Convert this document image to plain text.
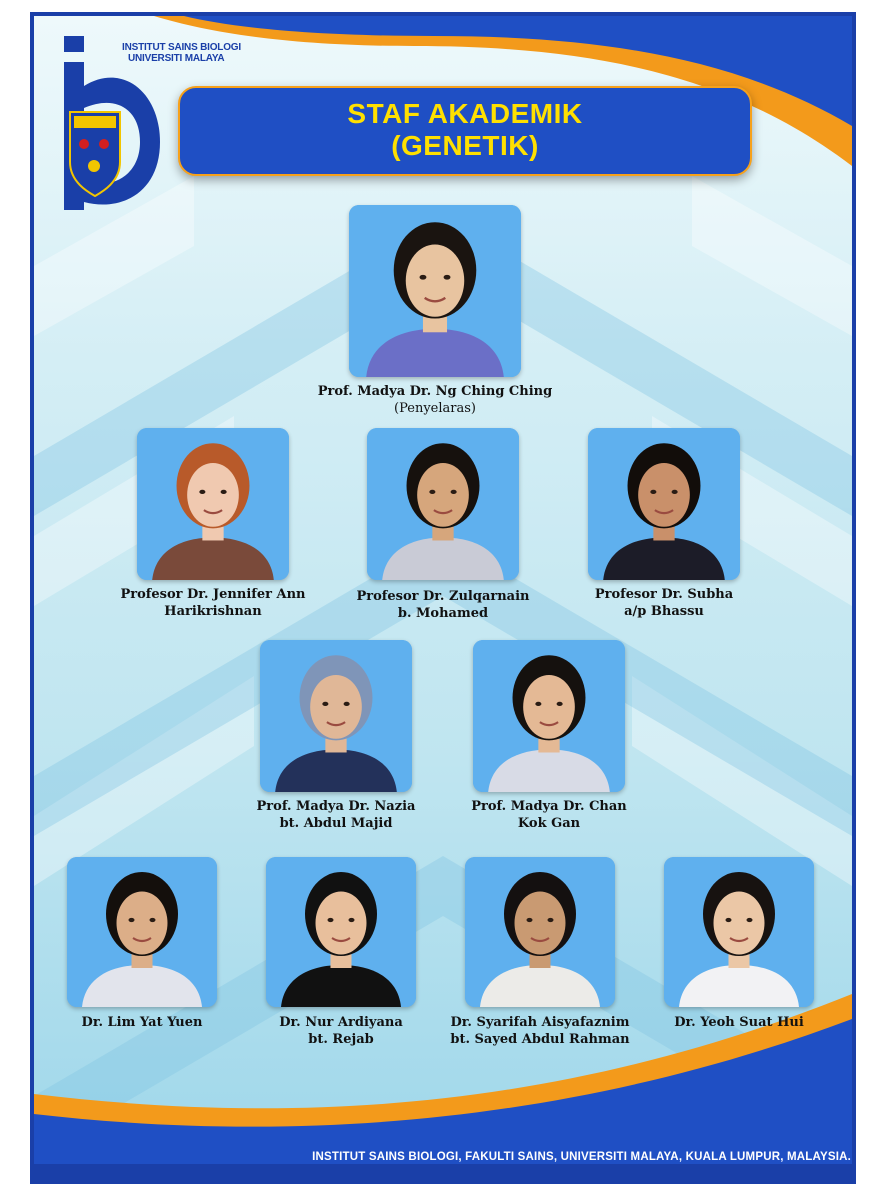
INSTITUT SAINS BIOLOGI
UNIVERSITI MALAYA
STAF AKADEMIK
(GENETIK)
Prof. Madya Dr. Ng Ching Ching
(Penyelaras)
Profesor Dr. Jennifer Ann
Harikrishnan
Profesor Dr. Zulqarnain
b. Mohamed
Profesor Dr. Subha
a/p Bhassu
Prof. Madya Dr. Nazia
bt. Abdul Majid
Prof. Madya Dr. Chan
Kok Gan
Dr. Lim Yat Yuen	Dr. Nur Ardiyana
bt. Rejab
Dr. Syarifah Aisyafaznim
bt. Sayed Abdul Rahman
Dr. Yeoh Suat Hui
INSTITUT SAINS BIOLOGI, FAKULTI SAINS, UNIVERSITI MALAYA, KUALA LUMPUR, MALAYSIA.
